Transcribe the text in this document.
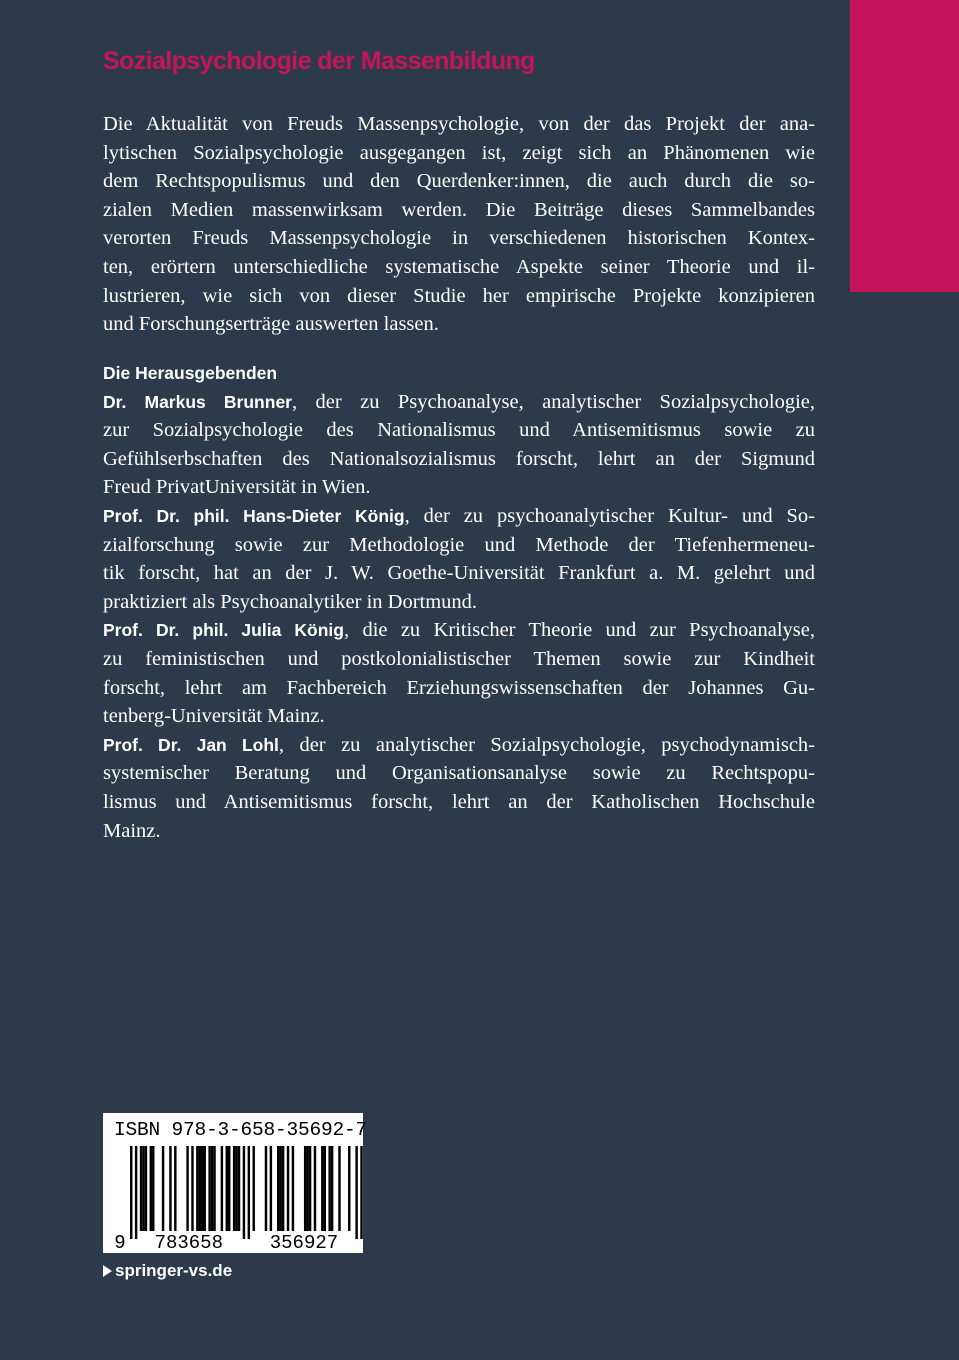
Sozialpsychologie der Massenbildung
Die Aktualität von Freuds Massenpsychologie, von der das Projekt der ana-
lytischen Sozialpsychologie ausgegangen ist, zeigt sich an Phänomenen wie
dem Rechtspopulismus und den Querdenker:innen, die auch durch die so-
zialen Medien massenwirksam werden. Die Beiträge dieses Sammelbandes
verorten Freuds Massenpsychologie in verschiedenen historischen Kontex-
ten, erörtern unterschiedliche systematische Aspekte seiner Theorie und il-
lustrieren, wie sich von dieser Studie her empirische Projekte konzipieren
und Forschungserträge auswerten lassen.
Die Herausgebenden
Dr. Markus Brunner, der zu Psychoanalyse, analytischer Sozialpsychologie,
zur Sozialpsychologie des Nationalismus und Antisemitismus sowie zu
Gefühlserbschaften des Nationalsozialismus forscht, lehrt an der Sigmund
Freud PrivatUniversität in Wien.
Prof. Dr. phil. Hans-Dieter König, der zu psychoanalytischer Kultur- und So-
zialforschung sowie zur Methodologie und Methode der Tiefenhermeneu-
tik forscht, hat an der J. W. Goethe-Universität Frankfurt a. M. gelehrt und
praktiziert als Psychoanalytiker in Dortmund.
Prof. Dr. phil. Julia König, die zu Kritischer Theorie und zur Psychoanalyse,
zu feministischen und postkolonialistischer Themen sowie zur Kindheit
forscht, lehrt am Fachbereich Erziehungswissenschaften der Johannes Gu-
tenberg-Universität Mainz.
Prof. Dr. Jan Lohl, der zu analytischer Sozialpsychologie, psychodynamisch-
systemischer Beratung und Organisationsanalyse sowie zu Rechtspopu-
lismus und Antisemitismus forscht, lehrt an der Katholischen Hochschule
Mainz.
ISBN 978-3-658-35692-7
9 783658 356927
springer-vs.de
